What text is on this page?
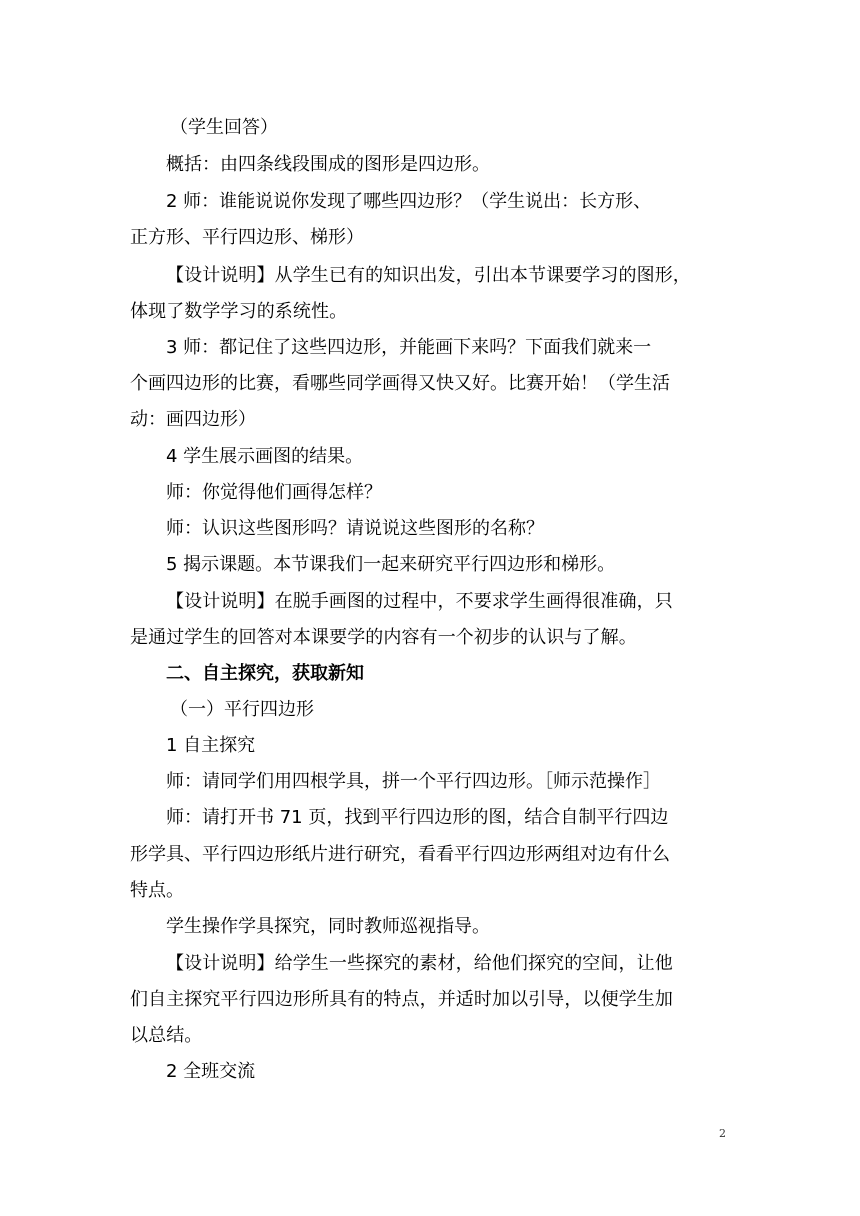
（学生回答）
概括：由四条线段围成的图形是四边形。
2 师：谁能说说你发现了哪些四边形？（学生说出：长方形、
正方形、平行四边形、梯形）
【设计说明】从学生已有的知识出发，引出本节课要学习的图形，
体现了数学学习的系统性。
3 师：都记住了这些四边形，并能画下来吗？下面我们就来一
个画四边形的比赛，看哪些同学画得又快又好。比赛开始！（学生活
动：画四边形）
4 学生展示画图的结果。
师：你觉得他们画得怎样？
师：认识这些图形吗？请说说这些图形的名称？
5 揭示课题。本节课我们一起来研究平行四边形和梯形。
【设计说明】在脱手画图的过程中，不要求学生画得很准确，只
是通过学生的回答对本课要学的内容有一个初步的认识与了解。
二、自主探究，获取新知
（一）平行四边形
1 自主探究
师：请同学们用四根学具，拼一个平行四边形。［师示范操作］
师：请打开书 71 页，找到平行四边形的图，结合自制平行四边
形学具、平行四边形纸片进行研究，看看平行四边形两组对边有什么
特点。
学生操作学具探究，同时教师巡视指导。
【设计说明】给学生一些探究的素材，给他们探究的空间，让他
们自主探究平行四边形所具有的特点，并适时加以引导，以便学生加
以总结。
2 全班交流
2
